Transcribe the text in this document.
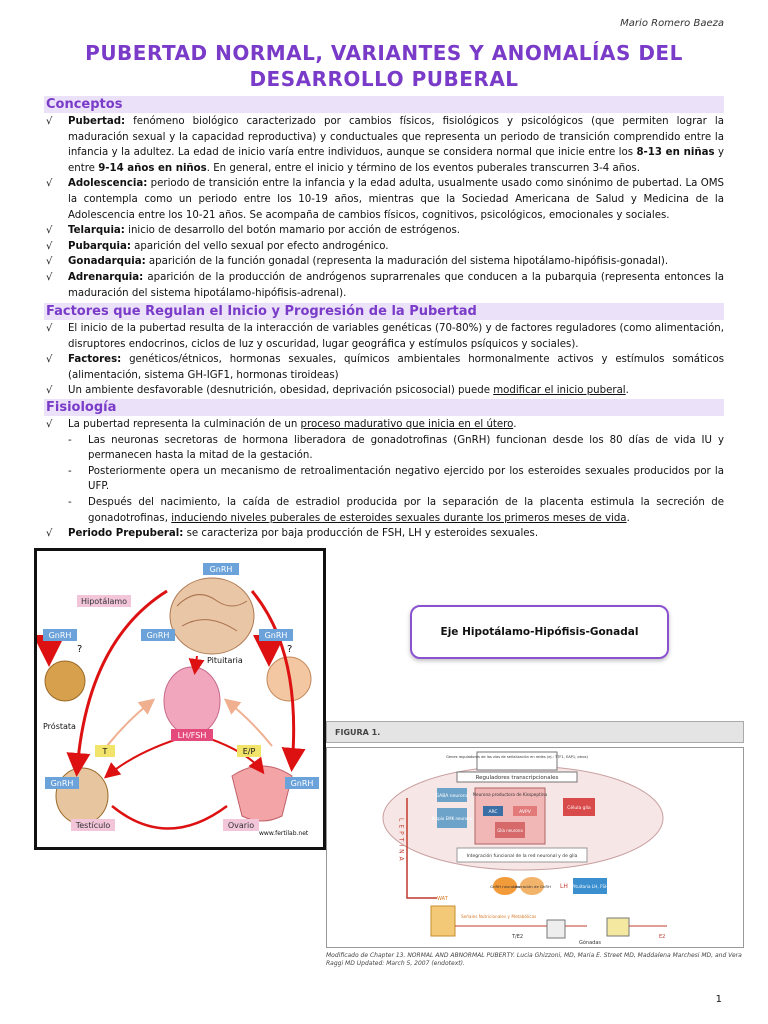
Mario Romero Baeza
PUBERTAD NORMAL, VARIANTES Y ANOMALÍAS DEL
DESARROLLO PUBERAL
Conceptos
√ Pubertad: fenómeno biológico caracterizado por cambios físicos, fisiológicos y psicológicos (que permiten lograr la maduración sexual y la capacidad reproductiva) y conductuales que representa un periodo de transición comprendido entre la infancia y la adultez. La edad de inicio varía entre individuos, aunque se considera normal que inicie entre los 8-13 en niñas y entre 9-14 años en niños. En general, entre el inicio y término de los eventos puberales transcurren 3-4 años.
√ Adolescencia: periodo de transición entre la infancia y la edad adulta, usualmente usado como sinónimo de pubertad. La OMS la contempla como un periodo entre los 10-19 años, mientras que la Sociedad Americana de Salud y Medicina de la Adolescencia entre los 10-21 años. Se acompaña de cambios físicos, cognitivos, psicológicos, emocionales y sociales.
√ Telarquia: inicio de desarrollo del botón mamario por acción de estrógenos.
√ Pubarquia: aparición del vello sexual por efecto androgénico.
√ Gonadarquia: aparición de la función gonadal (representa la maduración del sistema hipotálamo-hipófisis-gonadal).
√ Adrenarquia: aparición de la producción de andrógenos suprarrenales que conducen a la pubarquia (representa entonces la maduración del sistema hipotálamo-hipófisis-adrenal).
Factores que Regulan el Inicio y Progresión de la Pubertad
√ El inicio de la pubertad resulta de la interacción de variables genéticas (70-80%) y de factores reguladores (como alimentación, disruptores endocrinos, ciclos de luz y oscuridad, lugar geográfica y estímulos psíquicos y sociales).
√ Factores: genéticos/étnicos, hormonas sexuales, químicos ambientales hormonalmente activos y estímulos somáticos (alimentación, sistema GH-IGF1, hormonas tiroideas)
√ Un ambiente desfavorable (desnutrición, obesidad, deprivación psicosocial) puede modificar el inicio puberal.
Fisiología
√ La pubertad representa la culminación de un proceso madurativo que inicia en el útero.
- Las neuronas secretoras de hormona liberadora de gonadotrofinas (GnRH) funcionan desde los 80 días de vida IU y permanecen hasta la mitad de la gestación.
- Posteriormente opera un mecanismo de retroalimentación negativo ejercido por los esteroides sexuales producidos por la UFP.
- Después del nacimiento, la caída de estradiol producida por la separación de la placenta estimula la secreción de gonadotrofinas, induciendo niveles puberales de esteroides sexuales durante los primeros meses de vida.
√ Periodo Prepuberal: se caracteriza por baja producción de FSH, LH y esteroides sexuales.
GnRH
Hipotálamo
GnRH	GnRH	GnRH
?	?
Pituitaria
Próstata
LH/FSH
T	E/P
GnRH	GnRH
Testículo	Ovario
www.fertilab.net
Eje Hipotálamo-Hipófisis-Gonadal
FIGURA 1.
Genes reguladores de las vías de señalización en redes (ej.: TTF1, EAP1, otros)
Reguladores transcripcionales
GABA neurona Neurona productora de Kisspeptina
ARC	AVPV
Propio EMK neurona
Glía neurona
Célula glía
Integración funcional de la red neuronal y de glía
LEPTINA
GnRH neuronas
Liberación de GnRH LH Pituitaria LH, FSH
WAT
Señales Nutricionales y Metabólicas
T/E2
Gónadas
E2
Modificado de Chapter 13. NORMAL AND ABNORMAL PUBERTY. Lucia Ghizzoni, MD, Maria E. Street MD, Maddalena Marchesi MD, and Vera Raggi MD Updated: March 5, 2007 (endotext).
1
